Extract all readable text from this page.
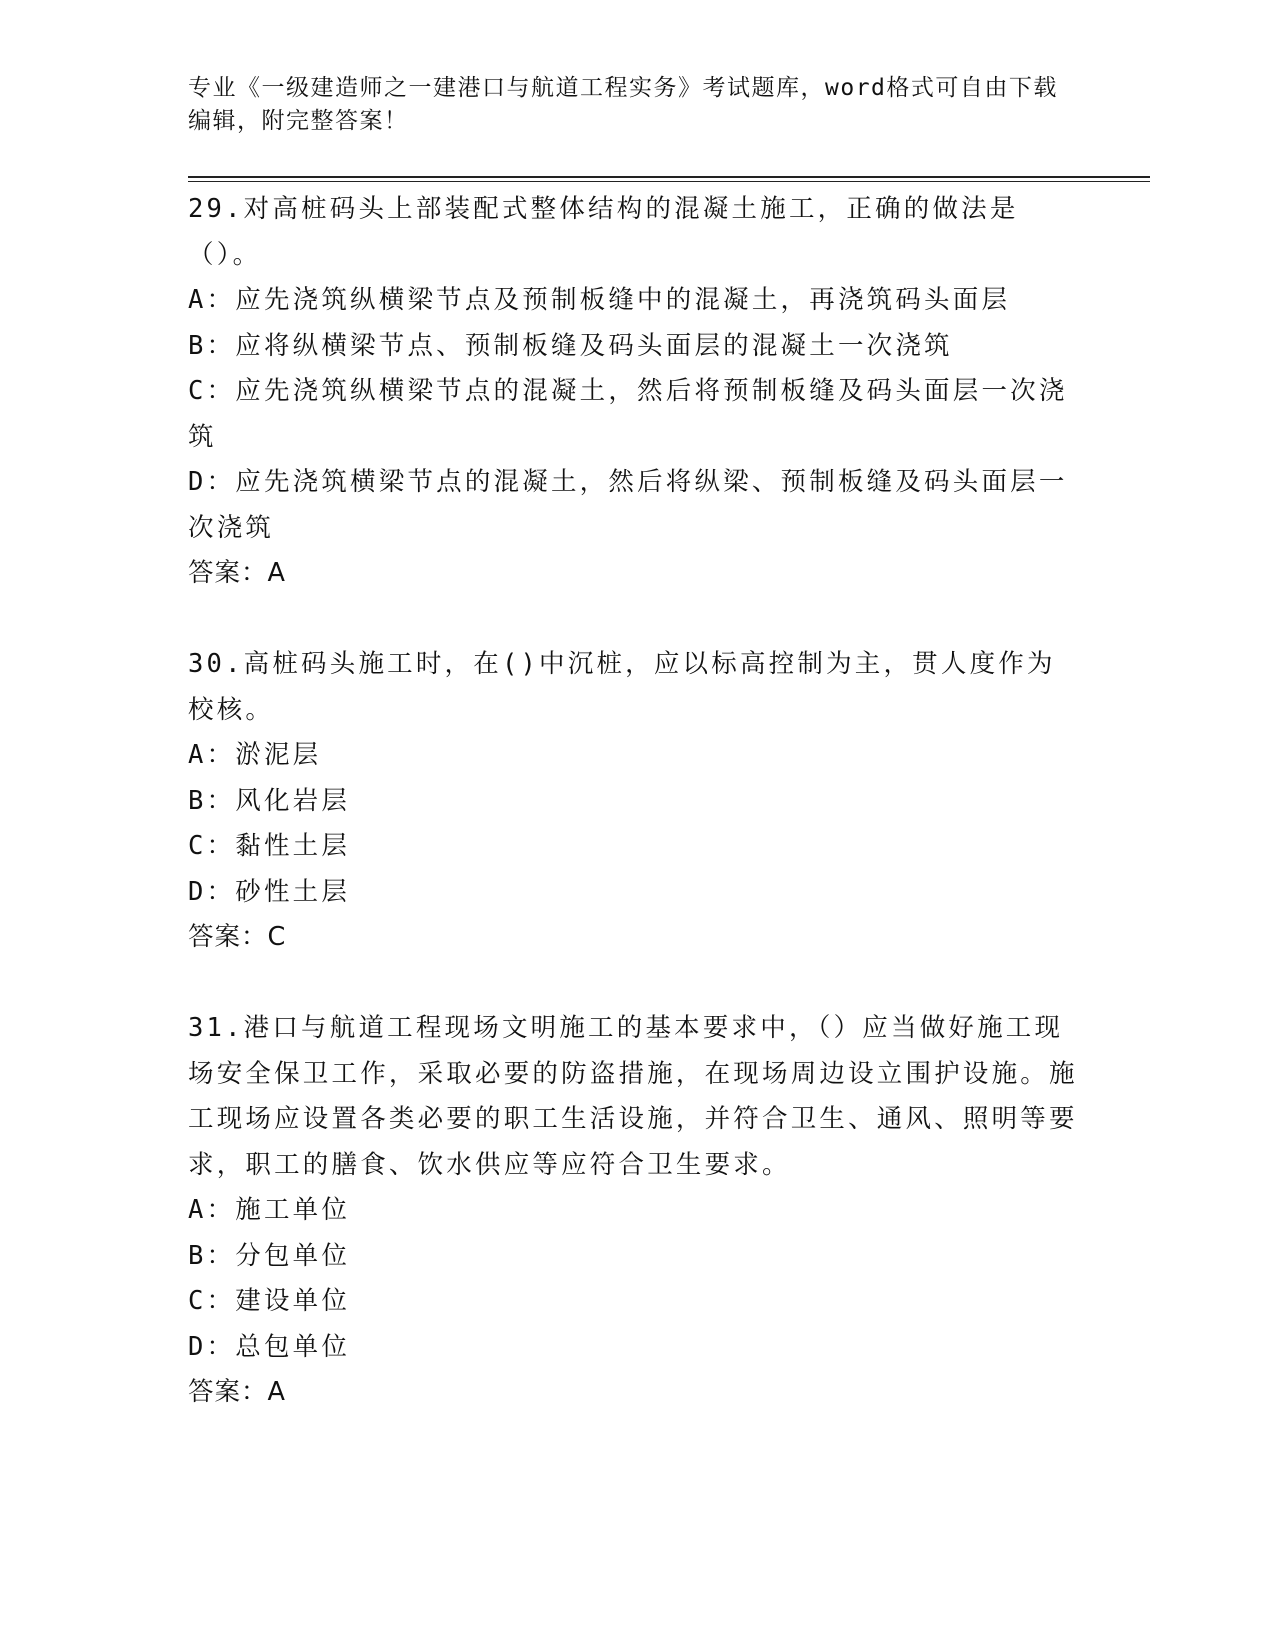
专业《一级建造师之一建港口与航道工程实务》考试题库，word格式可自由下载编辑，附完整答案！
29.对高桩码头上部装配式整体结构的混凝土施工，正确的做法是（）。
A：应先浇筑纵横梁节点及预制板缝中的混凝土，再浇筑码头面层
B：应将纵横梁节点、预制板缝及码头面层的混凝土一次浇筑
C：应先浇筑纵横梁节点的混凝土，然后将预制板缝及码头面层一次浇筑
D：应先浇筑横梁节点的混凝土，然后将纵梁、预制板缝及码头面层一次浇筑
答案：A
30.高桩码头施工时，在()中沉桩，应以标高控制为主，贯人度作为校核。
A：淤泥层
B：风化岩层
C：黏性土层
D：砂性土层
答案：C
31.港口与航道工程现场文明施工的基本要求中，（）应当做好施工现场安全保卫工作，采取必要的防盗措施，在现场周边设立围护设施。施工现场应设置各类必要的职工生活设施，并符合卫生、通风、照明等要求，职工的膳食、饮水供应等应符合卫生要求。
A：施工单位
B：分包单位
C：建设单位
D：总包单位
答案：A
